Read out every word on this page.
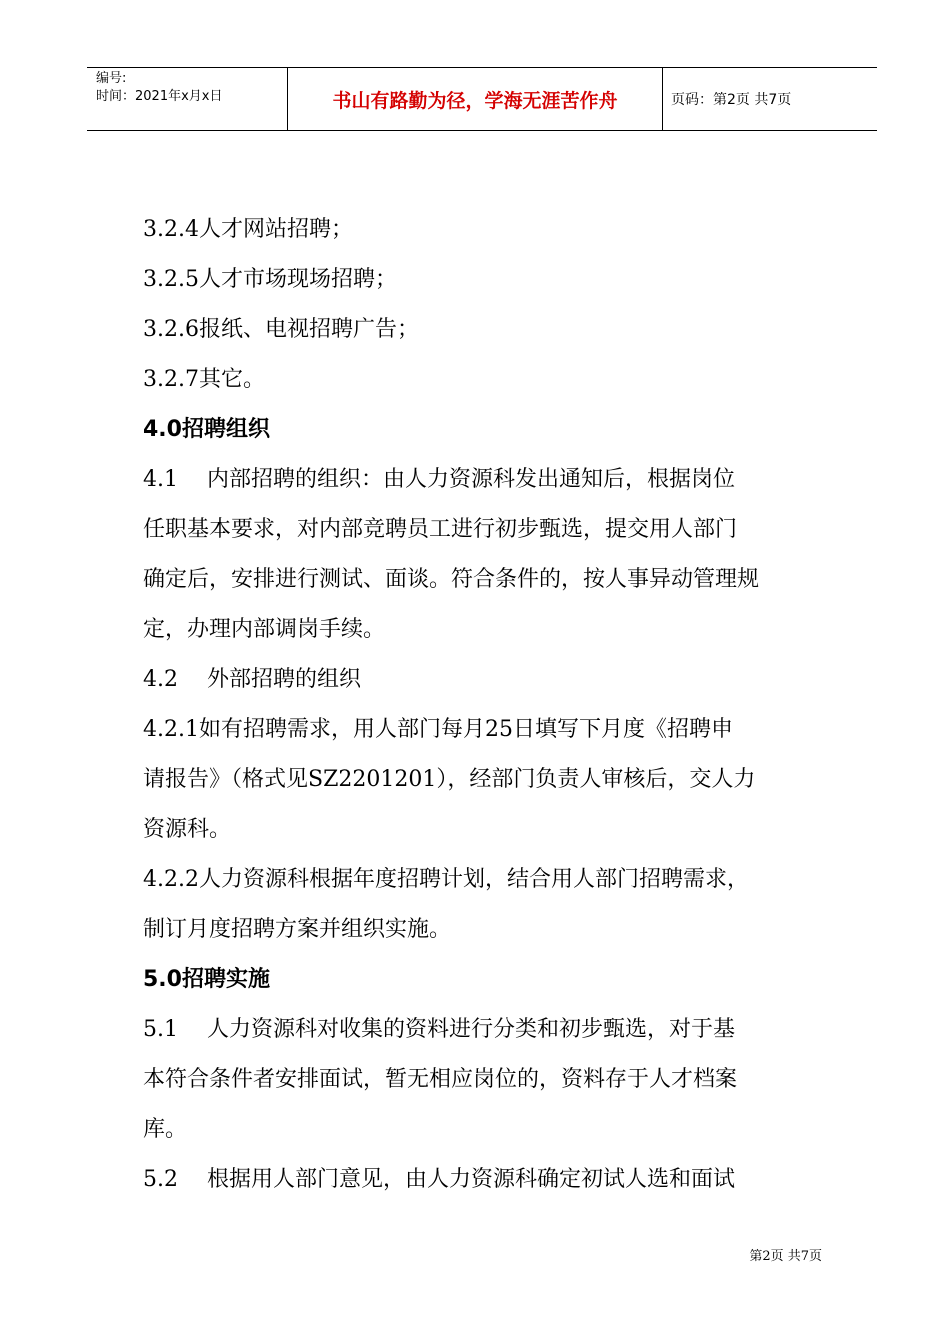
编号:
时间：2021年x月x日	书山有路勤为径，学海无涯苦作舟	页码：第2页 共7页

3.2.4人才网站招聘；

3.2.5人才市场现场招聘；

3.2.6报纸、电视招聘广告；

3.2.7其它。

4.0招聘组织

4.1　 内部招聘的组织：由人力资源科发出通知后，根据岗位

任职基本要求，对内部竞聘员工进行初步甄选，提交用人部门

确定后，安排进行测试、面谈。符合条件的，按人事异动管理规

定，办理内部调岗手续。

4.2　 外部招聘的组织

4.2.1如有招聘需求，用人部门每月25日填写下月度《招聘申

请报告》（格式见SZ2201201），经部门负责人审核后，交人力

资源科。

4.2.2人力资源科根据年度招聘计划，结合用人部门招聘需求，

制订月度招聘方案并组织实施。

5.0招聘实施

5.1　 人力资源科对收集的资料进行分类和初步甄选，对于基

本符合条件者安排面试，暂无相应岗位的，资料存于人才档案

库。

5.2　 根据用人部门意见，由人力资源科确定初试人选和面试

第2页 共7页
